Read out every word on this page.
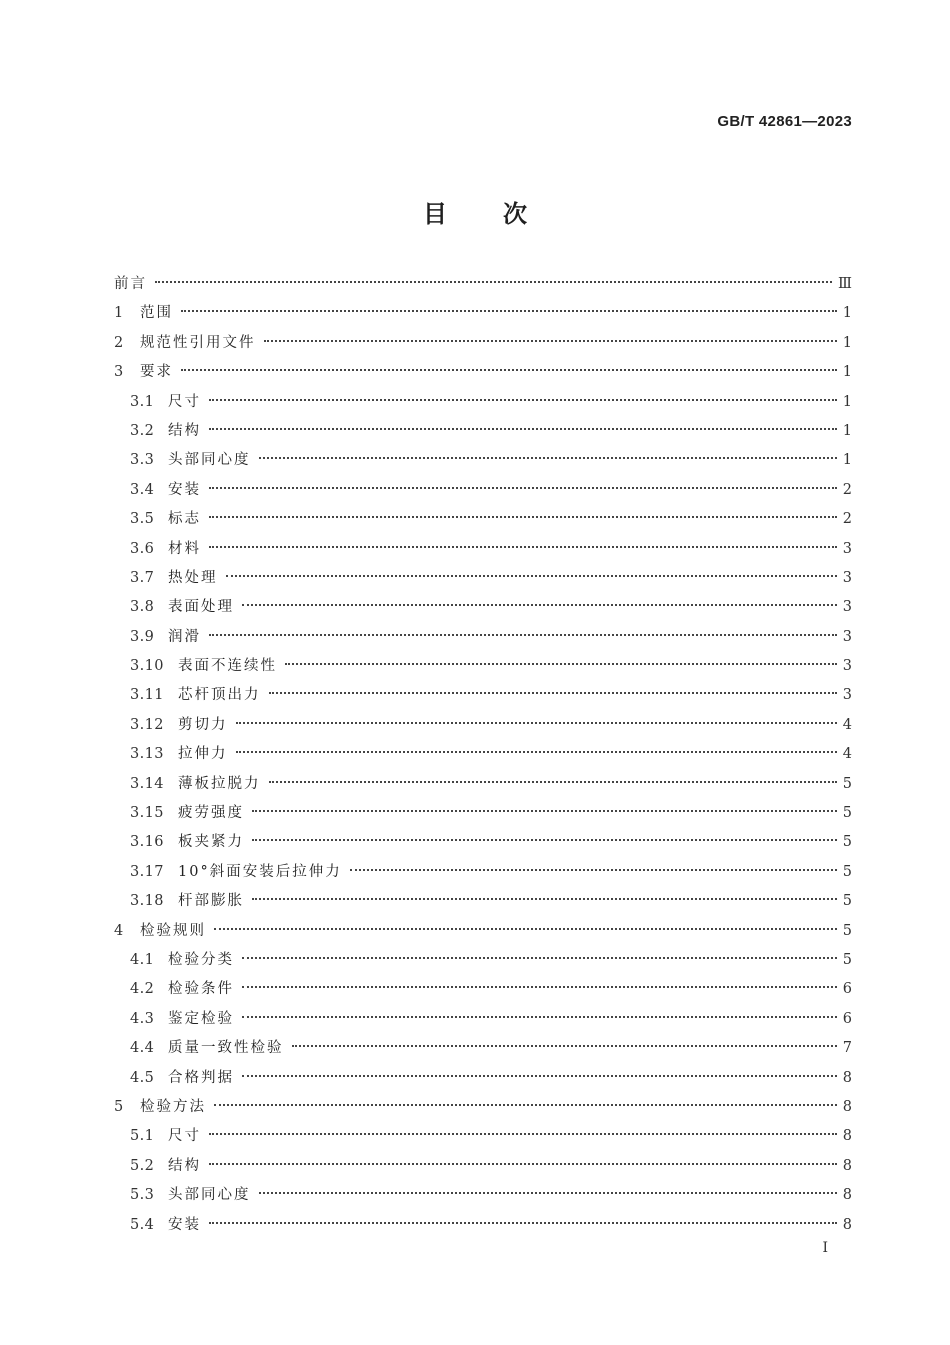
GB/T 42861—2023
目次
前言	Ⅲ
1	范围	1
2	规范性引用文件	1
3	要求	1
3.1 尺寸	1
3.2 结构	1
3.3 头部同心度	1
3.4 安装	2
3.5 标志	2
3.6 材料	3
3.7 热处理	3
3.8 表面处理	3
3.9 润滑	3
3.10 表面不连续性	3
3.11 芯杆顶出力	3
3.12 剪切力	4
3.13 拉伸力	4
3.14 薄板拉脱力	5
3.15 疲劳强度	5
3.16 板夹紧力	5
3.17 10°斜面安装后拉伸力	5
3.18 杆部膨胀	5
4	检验规则	5
4.1 检验分类	5
4.2 检验条件	6
4.3 鉴定检验	6
4.4 质量一致性检验	7
4.5 合格判据	8
5	检验方法	8
5.1 尺寸	8
5.2 结构	8
5.3 头部同心度	8
5.4 安装	8
I
